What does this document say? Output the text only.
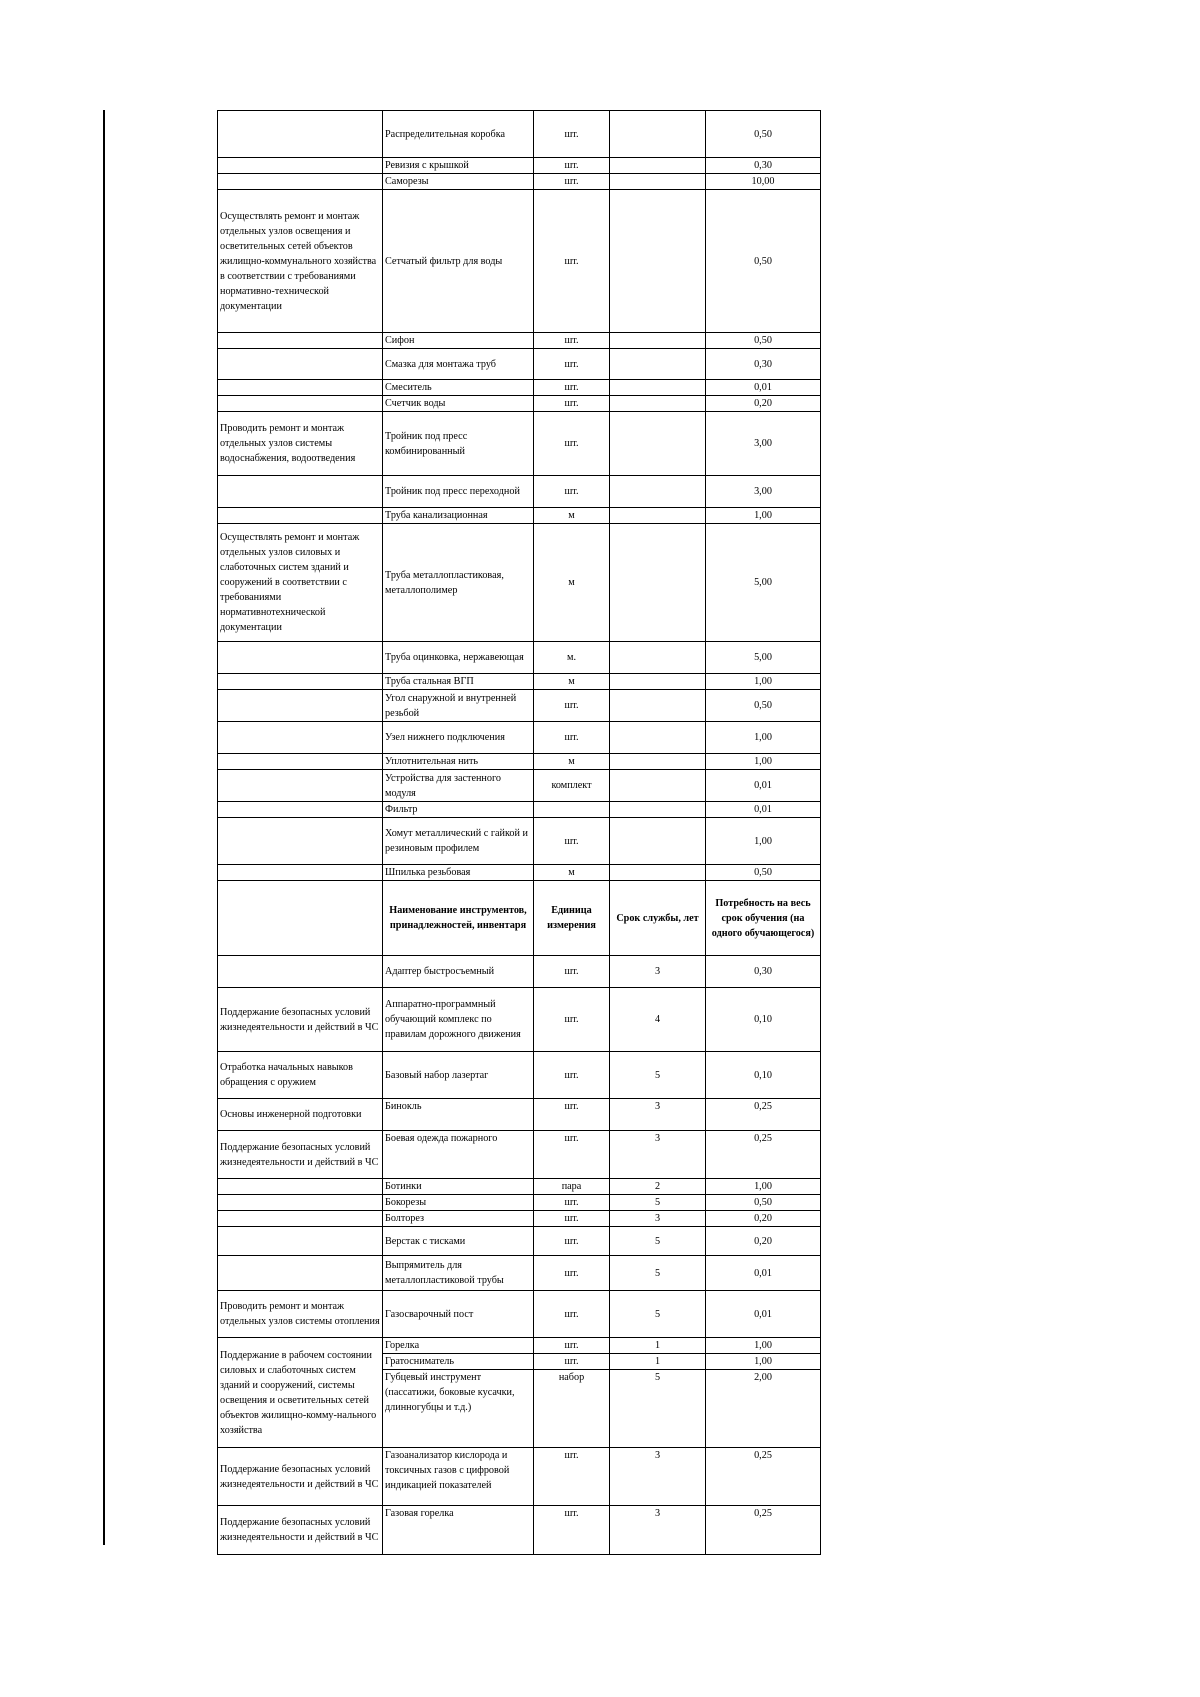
	Распределительная коробка	шт.		0,50
	Ревизия с крышкой	шт.		0,30
	Саморезы	шт.		10,00
Осуществлять ремонт и монтаж отдельных узлов освещения и осветительных сетей объектов жилищно-коммунального хозяйства в соответствии с требованиями нормативно-технической документации	Сетчатый фильтр для воды	шт.		0,50
	Сифон	шт.		0,50
	Смазка для монтажа труб	шт.		0,30
	Смеситель	шт.		0,01
	Счетчик воды	шт.		0,20
Проводить ремонт и монтаж отдельных узлов системы водоснабжения, водоотведения	Тройник под пресс комбинированный	шт.		3,00
	Тройник под пресс переходной	шт.		3,00
	Труба канализационная	м		1,00
Осуществлять ремонт и монтаж отдельных узлов силовых и слаботочных систем зданий и сооружений в соответствии с требованиями нормативнотехнической документации	Труба металлопластиковая, металлополимер	м		5,00
	Труба оцинковка, нержавеющая	м.		5,00
	Труба стальная ВГП	м		1,00
	Угол снаружной и внутренней резьбой	шт.		0,50
	Узел нижнего подключения	шт.		1,00
	Уплотнительная нить	м		1,00
	Устройства для застенного модуля	комплект		0,01
	Фильтр			0,01
	Хомут металлический с гайкой и резиновым профилем	шт.		1,00
	Шпилька резьбовая	м		0,50
	Наименование инструментов, принадлежностей, инвентаря	Единица измерения	Срок службы, лет	Потребность на весь срок обучения (на одного обучающегося)
	Адаптер быстросъемный	шт.	3	0,30
Поддержание безопасных условий жизнедеятельности и действий в ЧС	Аппаратно-программный обучающий комплекс по правилам дорожного движения	шт.	4	0,10
Отработка начальных навыков обращения с оружием	Базовый набор лазертаг	шт.	5	0,10
Основы инженерной подготовки	Бинокль	шт.	3	0,25
Поддержание безопасных условий жизнедеятельности и действий в ЧС	Боевая одежда пожарного	шт.	3	0,25
	Ботинки	пара	2	1,00
	Бокорезы	шт.	5	0,50
	Болторез	шт.	3	0,20
	Верстак с тисками	шт.	5	0,20
	Выпрямитель для металлопластиковой трубы	шт.	5	0,01
Проводить ремонт и монтаж отдельных узлов системы отопления	Газосварочный пост	шт.	5	0,01
Поддержание в рабочем состоянии силовых и слаботочных систем зданий и сооружений, системы освещения и осветительных сетей объектов жилищно-комму-нального хозяйства	Горелка	шт.	1	1,00
	Гратосниматель	шт.	1	1,00
	Губцевый инструмент (пассатижи, боковые кусачки, длинногубцы и т.д.)	набор	5	2,00
Поддержание безопасных условий жизнедеятельности и действий в ЧС	Газоанализатор кислорода и токсичных газов с цифровой индикацией показателей	шт.	3	0,25
Поддержание безопасных условий жизнедеятельности и действий в ЧС	Газовая горелка	шт.	3	0,25
